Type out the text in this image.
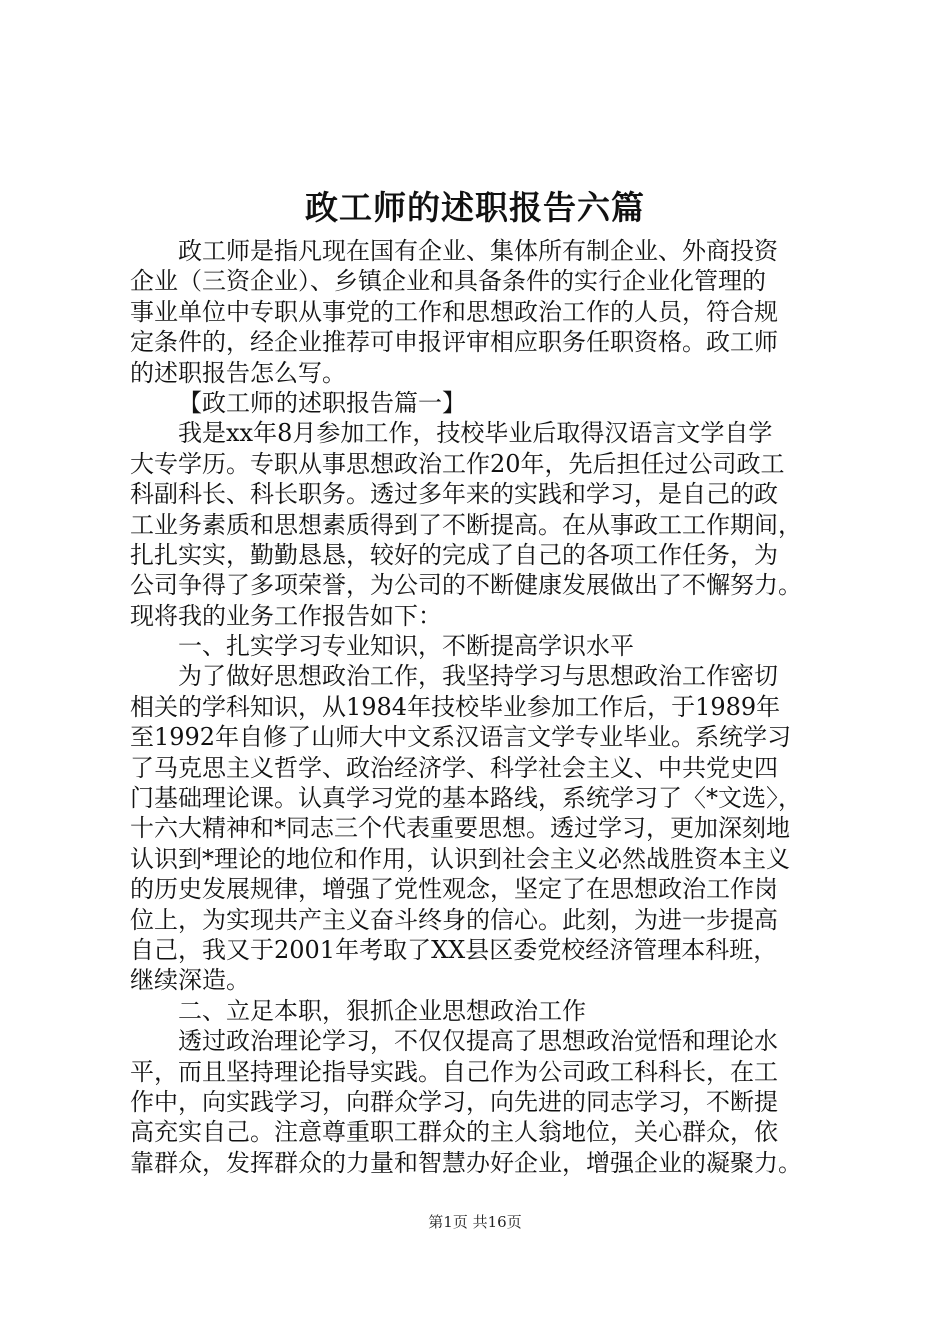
政工师的述职报告六篇
政工师是指凡现在国有企业、集体所有制企业、外商投资
企业（三资企业）、乡镇企业和具备条件的实行企业化管理的
事业单位中专职从事党的工作和思想政治工作的人员，符合规
定条件的，经企业推荐可申报评审相应职务任职资格。政工师
的述职报告怎么写。
【政工师的述职报告篇一】
我是xx年8月参加工作，技校毕业后取得汉语言文学自学
大专学历。专职从事思想政治工作20年，先后担任过公司政工
科副科长、科长职务。透过多年来的实践和学习，是自己的政
工业务素质和思想素质得到了不断提高。在从事政工工作期间，
扎扎实实，勤勤恳恳，较好的完成了自己的各项工作任务，为
公司争得了多项荣誉，为公司的不断健康发展做出了不懈努力。
现将我的业务工作报告如下：
一、扎实学习专业知识，不断提高学识水平
为了做好思想政治工作，我坚持学习与思想政治工作密切
相关的学科知识，从1984年技校毕业参加工作后，于1989年
至1992年自修了山师大中文系汉语言文学专业毕业。系统学习
了马克思主义哲学、政治经济学、科学社会主义、中共党史四
门基础理论课。认真学习党的基本路线，系统学习了〈*文选〉，
十六大精神和*同志三个代表重要思想。透过学习，更加深刻地
认识到*理论的地位和作用，认识到社会主义必然战胜资本主义
的历史发展规律，增强了党性观念，坚定了在思想政治工作岗
位上，为实现共产主义奋斗终身的信心。此刻，为进一步提高
自己，我又于2001年考取了XX县区委党校经济管理本科班，
继续深造。
二、立足本职，狠抓企业思想政治工作
透过政治理论学习，不仅仅提高了思想政治觉悟和理论水
平，而且坚持理论指导实践。自己作为公司政工科科长，在工
作中，向实践学习，向群众学习，向先进的同志学习，不断提
高充实自己。注意尊重职工群众的主人翁地位，关心群众，依
靠群众，发挥群众的力量和智慧办好企业，增强企业的凝聚力。
第1页 共16页
